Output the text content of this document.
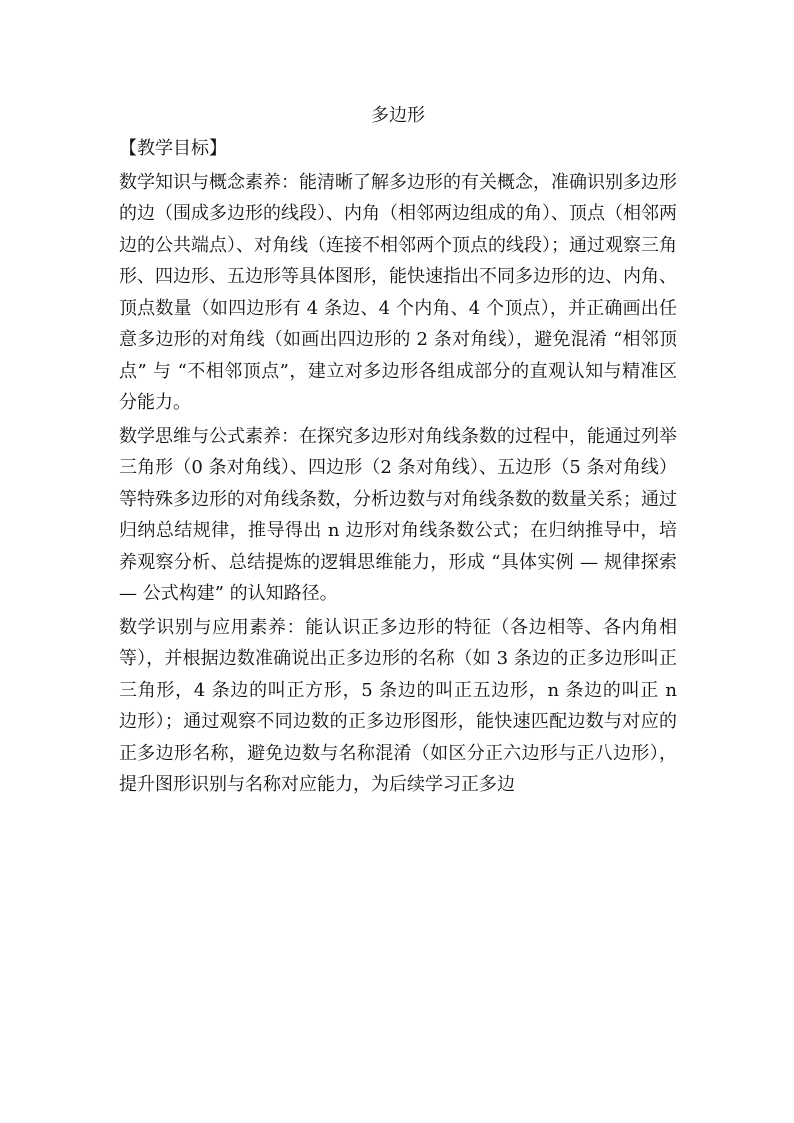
多边形
【教学目标】

数学知识与概念素养：能清晰了解多边形的有关概念，准确识别多边形的边（围成多边形的线段）、内角（相邻两边组成的角）、顶点（相邻两边的公共端点）、对角线（连接不相邻两个顶点的线段）；通过观察三角形、四边形、五边形等具体图形，能快速指出不同多边形的边、内角、顶点数量（如四边形有 4 条边、4 个内角、4 个顶点），并正确画出任意多边形的对角线（如画出四边形的 2 条对角线），避免混淆 “相邻顶点” 与 “不相邻顶点”，建立对多边形各组成部分的直观认知与精准区分能力。

数学思维与公式素养：在探究多边形对角线条数的过程中，能通过列举三角形（0 条对角线）、四边形（2 条对角线）、五边形（5 条对角线）等特殊多边形的对角线条数，分析边数与对角线条数的数量关系；通过归纳总结规律，推导得出 n 边形对角线条数公式；在归纳推导中，培养观察分析、总结提炼的逻辑思维能力，形成 “具体实例 — 规律探索 — 公式构建” 的认知路径。

数学识别与应用素养：能认识正多边形的特征（各边相等、各内角相等），并根据边数准确说出正多边形的名称（如 3 条边的正多边形叫正三角形，4 条边的叫正方形，5 条边的叫正五边形，n 条边的叫正 n 边形）；通过观察不同边数的正多边形图形，能快速匹配边数与对应的正多边形名称，避免边数与名称混淆（如区分正六边形与正八边形），提升图形识别与名称对应能力，为后续学习正多边
